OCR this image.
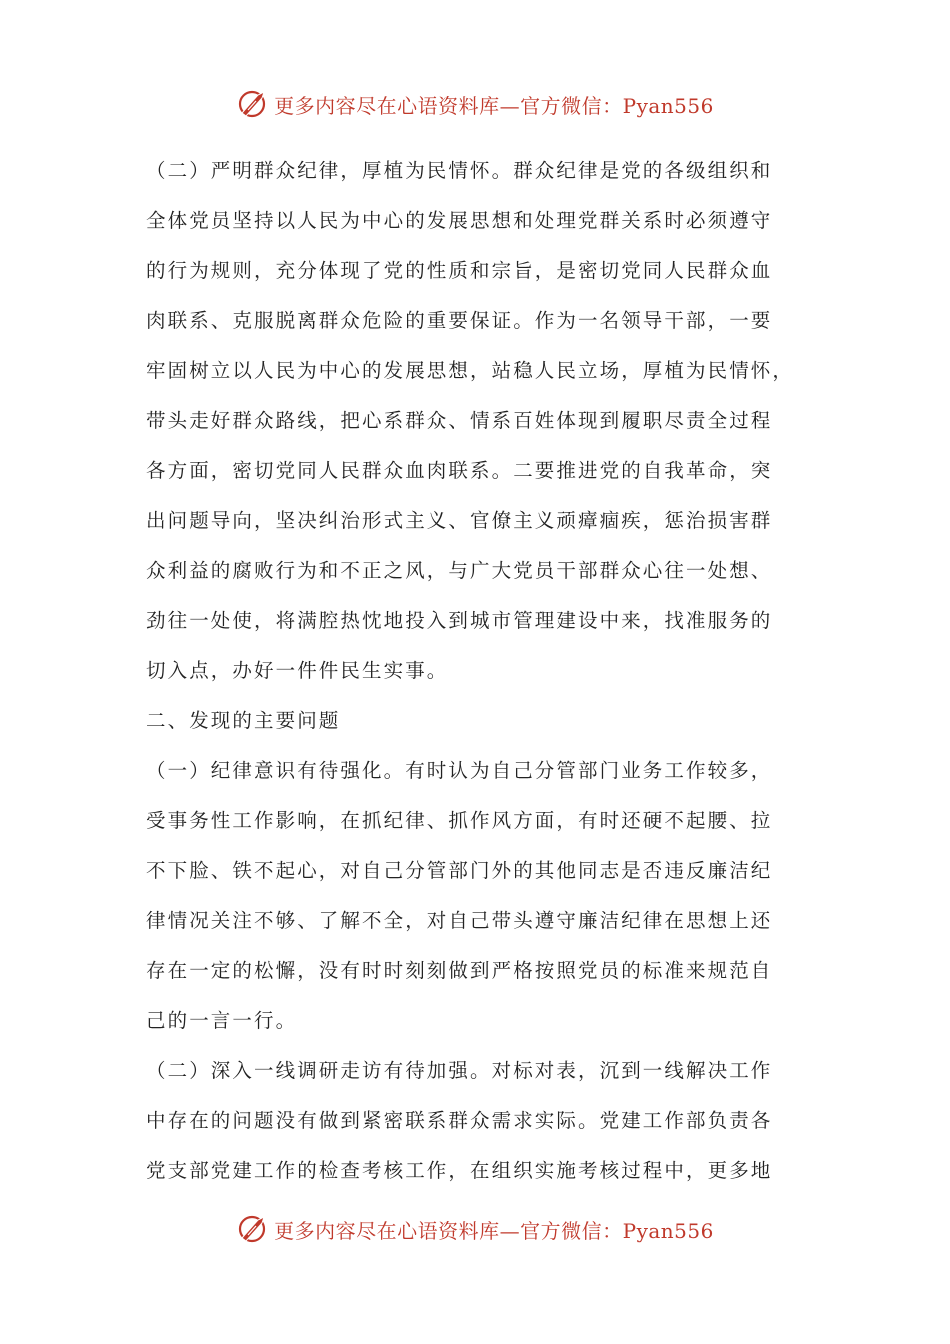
更多内容尽在心语资料库—官方微信：Pyan556
（二）严明群众纪律，厚植为民情怀。群众纪律是党的各级组织和
全体党员坚持以人民为中心的发展思想和处理党群关系时必须遵守
的行为规则，充分体现了党的性质和宗旨，是密切党同人民群众血
肉联系、克服脱离群众危险的重要保证。作为一名领导干部，一要
牢固树立以人民为中心的发展思想，站稳人民立场，厚植为民情怀，
带头走好群众路线，把心系群众、情系百姓体现到履职尽责全过程
各方面，密切党同人民群众血肉联系。二要推进党的自我革命，突
出问题导向，坚决纠治形式主义、官僚主义顽瘴痼疾，惩治损害群
众利益的腐败行为和不正之风，与广大党员干部群众心往一处想、
劲往一处使，将满腔热忱地投入到城市管理建设中来，找准服务的
切入点，办好一件件民生实事。
二、发现的主要问题
（一）纪律意识有待强化。有时认为自己分管部门业务工作较多，
受事务性工作影响，在抓纪律、抓作风方面，有时还硬不起腰、拉
不下脸、铁不起心，对自己分管部门外的其他同志是否违反廉洁纪
律情况关注不够、了解不全，对自己带头遵守廉洁纪律在思想上还
存在一定的松懈，没有时时刻刻做到严格按照党员的标准来规范自
己的一言一行。
（二）深入一线调研走访有待加强。对标对表，沉到一线解决工作
中存在的问题没有做到紧密联系群众需求实际。党建工作部负责各
党支部党建工作的检查考核工作，在组织实施考核过程中，更多地
更多内容尽在心语资料库—官方微信：Pyan556
